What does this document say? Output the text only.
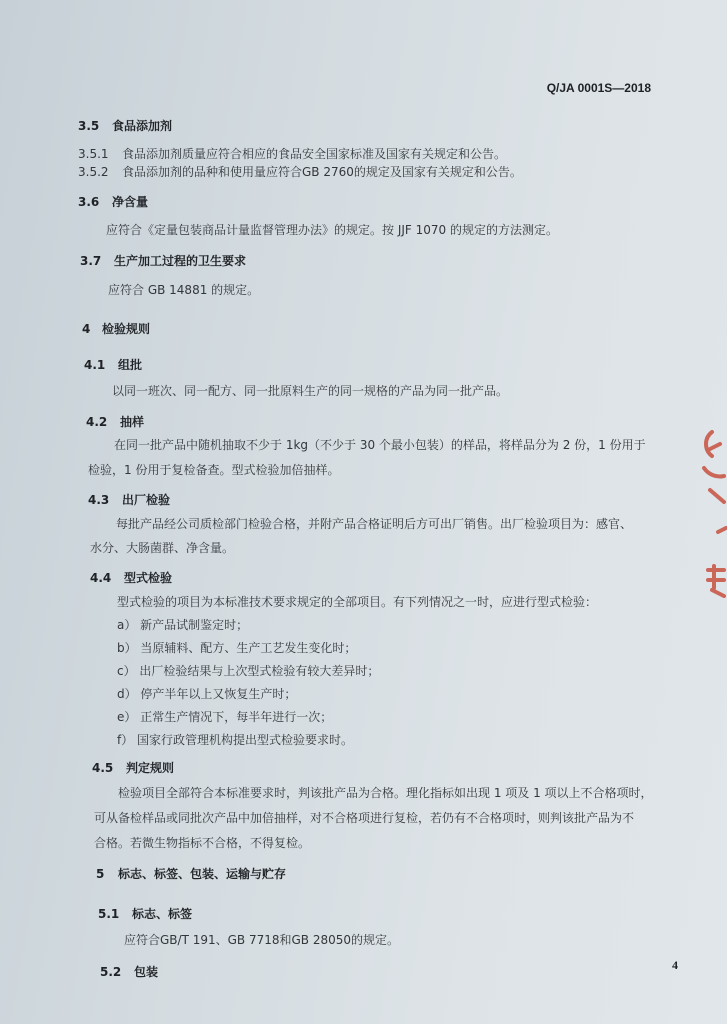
Q/JA 0001S—2018
3.5 食品添加剂
3.5.1 食品添加剂质量应符合相应的食品安全国家标准及国家有关规定和公告。
3.5.2 食品添加剂的品种和使用量应符合GB 2760的规定及国家有关规定和公告。
3.6 净含量
应符合《定量包装商品计量监督管理办法》的规定。按 JJF 1070 的规定的方法测定。
3.7 生产加工过程的卫生要求
应符合 GB 14881 的规定。
4 检验规则
4.1 组批
以同一班次、同一配方、同一批原料生产的同一规格的产品为同一批产品。
4.2 抽样
在同一批产品中随机抽取不少于 1kg（不少于 30 个最小包装）的样品，将样品分为 2 份，1 份用于
检验，1 份用于复检备查。型式检验加倍抽样。
4.3 出厂检验
每批产品经公司质检部门检验合格，并附产品合格证明后方可出厂销售。出厂检验项目为：感官、
水分、大肠菌群、净含量。
4.4 型式检验
型式检验的项目为本标准技术要求规定的全部项目。有下列情况之一时，应进行型式检验：
a） 新产品试制鉴定时；
b） 当原辅料、配方、生产工艺发生变化时；
c） 出厂检验结果与上次型式检验有较大差异时；
d） 停产半年以上又恢复生产时；
e） 正常生产情况下，每半年进行一次；
f） 国家行政管理机构提出型式检验要求时。
4.5 判定规则
检验项目全部符合本标准要求时，判该批产品为合格。理化指标如出现 1 项及 1 项以上不合格项时，
可从备检样品或同批次产品中加倍抽样，对不合格项进行复检，若仍有不合格项时，则判该批产品为不
合格。若微生物指标不合格，不得复检。
5 标志、标签、包装、运输与贮存
5.1 标志、标签
应符合GB/T 191、GB 7718和GB 28050的规定。
5.2 包装	4
